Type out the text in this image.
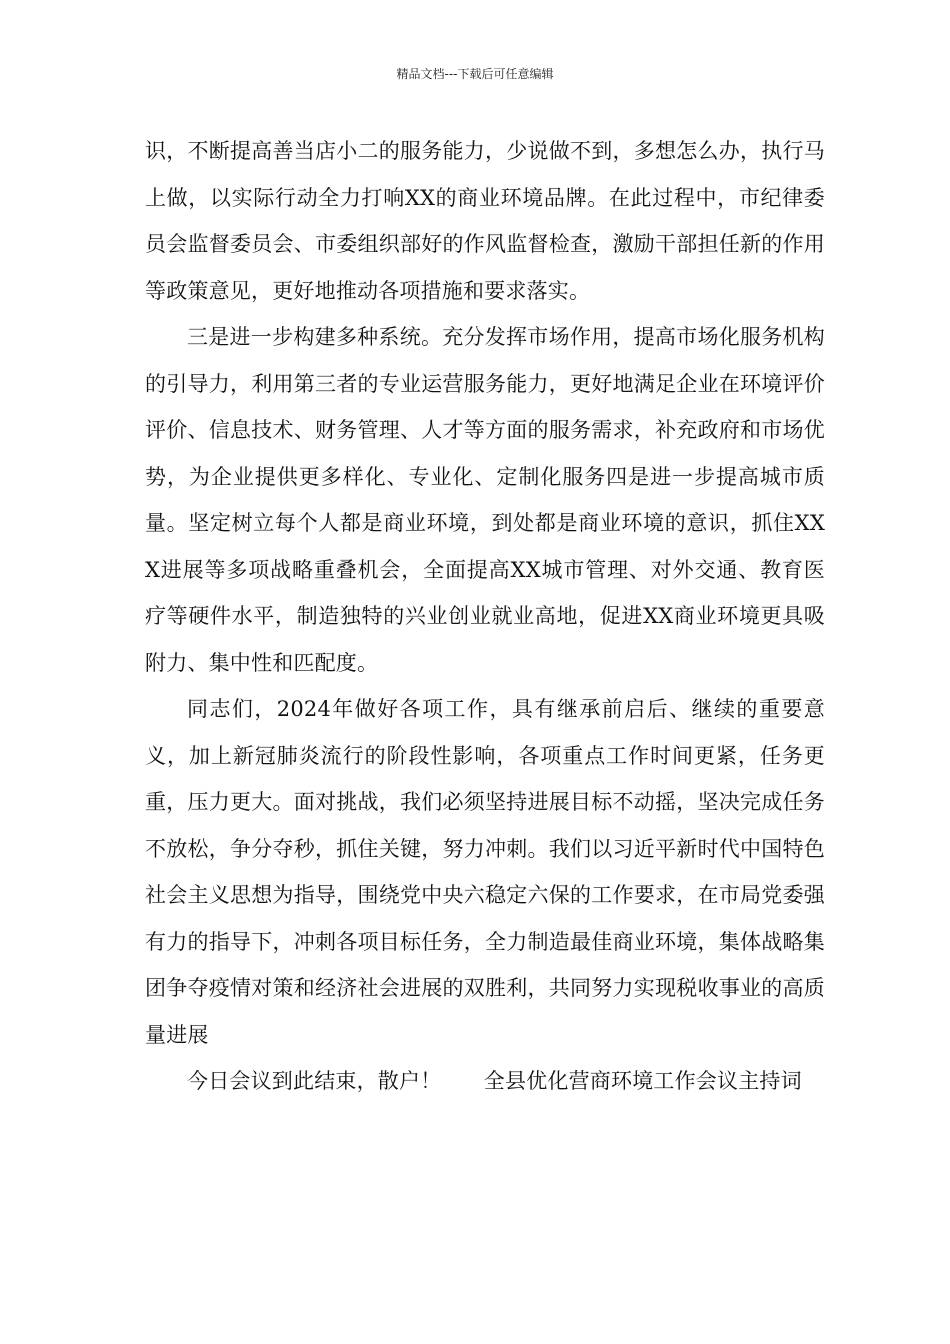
精品文档---下载后可任意编辑

识，不断提高善当店小二的服务能力，少说做不到，多想怎么办，执行马上做，以实际行动全力打响XX的商业环境品牌。在此过程中，市纪律委员会监督委员会、市委组织部好的作风监督检查，激励干部担任新的作用等政策意见，更好地推动各项措施和要求落实。

三是进一步构建多种系统。充分发挥市场作用，提高市场化服务机构的引导力，利用第三者的专业运营服务能力，更好地满足企业在环境评价评价、信息技术、财务管理、人才等方面的服务需求，补充政府和市场优势，为企业提供更多样化、专业化、定制化服务四是进一步提高城市质量。坚定树立每个人都是商业环境，到处都是商业环境的意识，抓住XXX进展等多项战略重叠机会，全面提高XX城市管理、对外交通、教育医疗等硬件水平，制造独特的兴业创业就业高地，促进XX商业环境更具吸附力、集中性和匹配度。

同志们，2024年做好各项工作，具有继承前启后、继续的重要意义，加上新冠肺炎流行的阶段性影响，各项重点工作时间更紧，任务更重，压力更大。面对挑战，我们必须坚持进展目标不动摇，坚决完成任务不放松，争分夺秒，抓住关键，努力冲刺。我们以习近平新时代中国特色社会主义思想为指导，围绕党中央六稳定六保的工作要求，在市局党委强有力的指导下，冲刺各项目标任务，全力制造最佳商业环境，集体战略集团争夺疫情对策和经济社会进展的双胜利，共同努力实现税收事业的高质量进展

今日会议到此结束，散户！　　全县优化营商环境工作会议主持词
